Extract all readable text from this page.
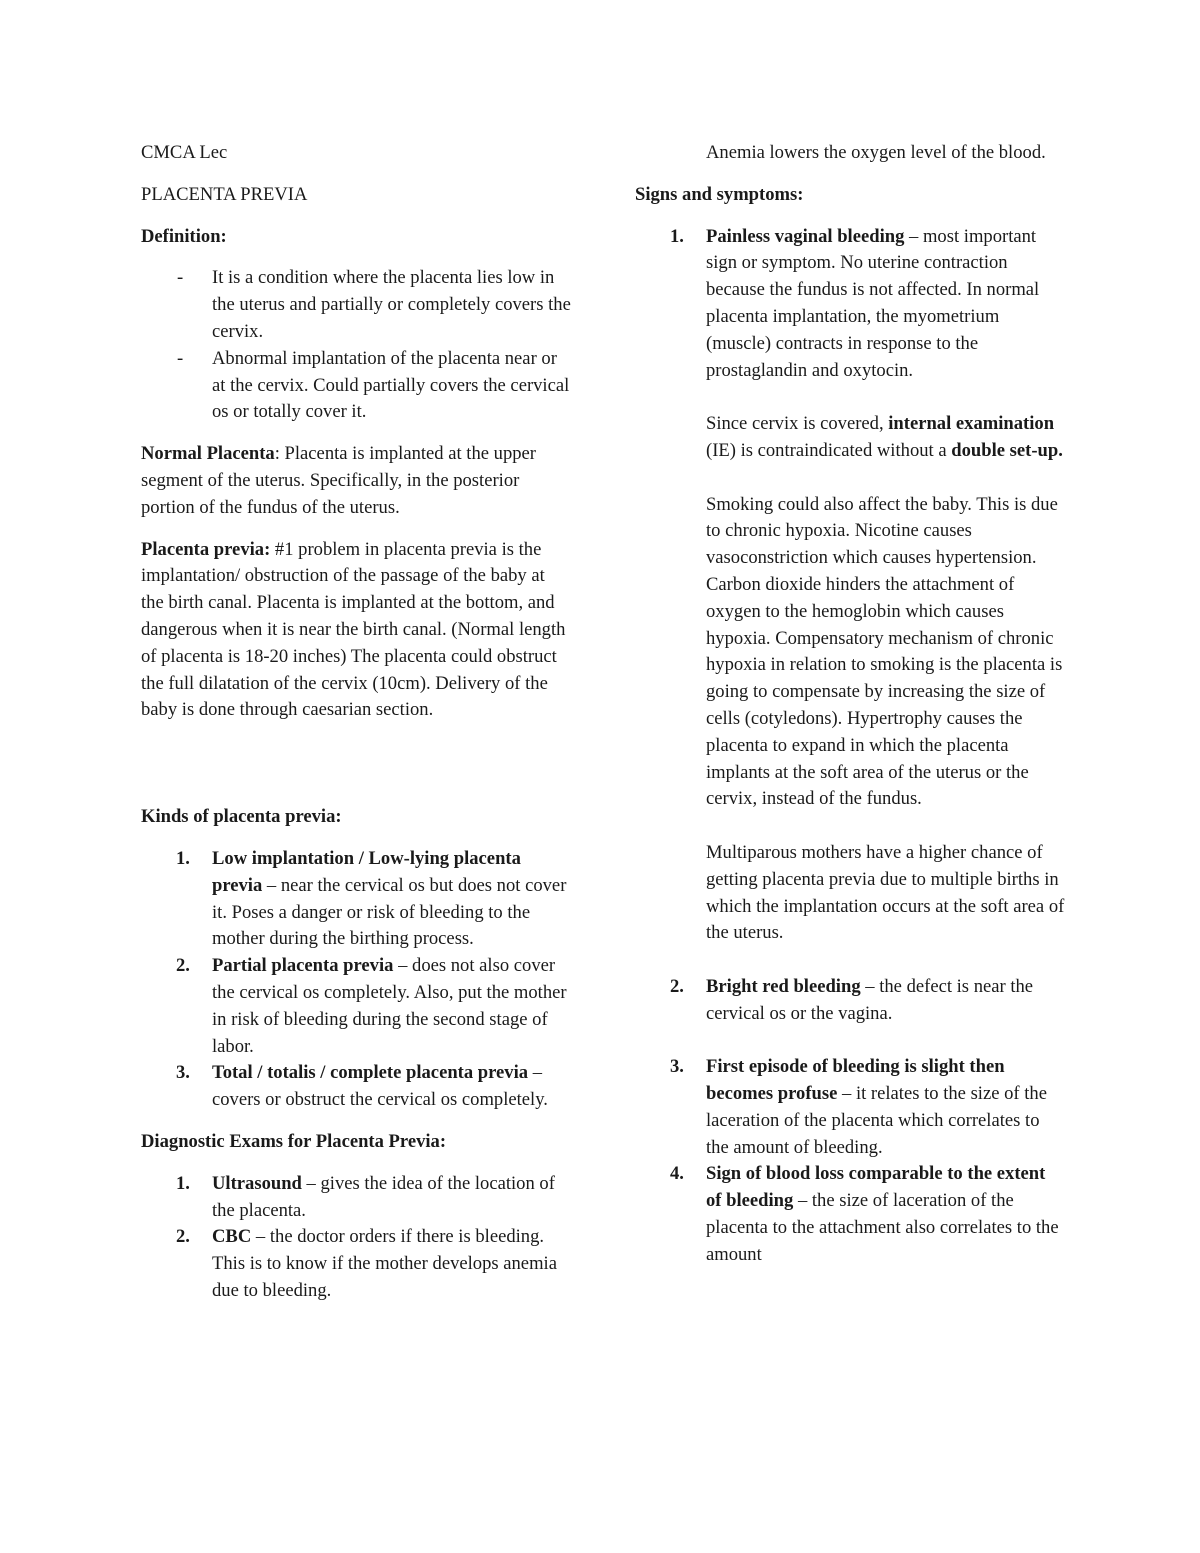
CMCA Lec

PLACENTA PREVIA

Definition:

- It is a condition where the placenta lies low in the uterus and partially or completely covers the cervix.
- Abnormal implantation of the placenta near or at the cervix. Could partially covers the cervical os or totally cover it.

Normal Placenta: Placenta is implanted at the upper segment of the uterus. Specifically, in the posterior portion of the fundus of the uterus.

Placenta previa: #1 problem in placenta previa is the implantation/ obstruction of the passage of the baby at the birth canal. Placenta is implanted at the bottom, and dangerous when it is near the birth canal. (Normal length of placenta is 18-20 inches) The placenta could obstruct the full dilatation of the cervix (10cm). Delivery of the baby is done through caesarian section.

Kinds of placenta previa:

1. Low implantation / Low-lying placenta previa – near the cervical os but does not cover it. Poses a danger or risk of bleeding to the mother during the birthing process.
2. Partial placenta previa – does not also cover the cervical os completely. Also, put the mother in risk of bleeding during the second stage of labor.
3. Total / totalis / complete placenta previa – covers or obstruct the cervical os completely.

Diagnostic Exams for Placenta Previa:

1. Ultrasound – gives the idea of the location of the placenta.
2. CBC – the doctor orders if there is bleeding. This is to know if the mother develops anemia due to bleeding.

Anemia lowers the oxygen level of the blood.

Signs and symptoms:

1. Painless vaginal bleeding – most important sign or symptom. No uterine contraction because the fundus is not affected. In normal placenta implantation, the myometrium (muscle) contracts in response to the prostaglandin and oxytocin.

Since cervix is covered, internal examination (IE) is contraindicated without a double set-up.

Smoking could also affect the baby. This is due to chronic hypoxia. Nicotine causes vasoconstriction which causes hypertension. Carbon dioxide hinders the attachment of oxygen to the hemoglobin which causes hypoxia. Compensatory mechanism of chronic hypoxia in relation to smoking is the placenta is going to compensate by increasing the size of cells (cotyledons). Hypertrophy causes the placenta to expand in which the placenta implants at the soft area of the uterus or the cervix, instead of the fundus.

Multiparous mothers have a higher chance of getting placenta previa due to multiple births in which the implantation occurs at the soft area of the uterus.

2. Bright red bleeding – the defect is near the cervical os or the vagina.
3. First episode of bleeding is slight then becomes profuse – it relates to the size of the laceration of the placenta which correlates to the amount of bleeding.
4. Sign of blood loss comparable to the extent of bleeding – the size of laceration of the placenta to the attachment also correlates to the amount
